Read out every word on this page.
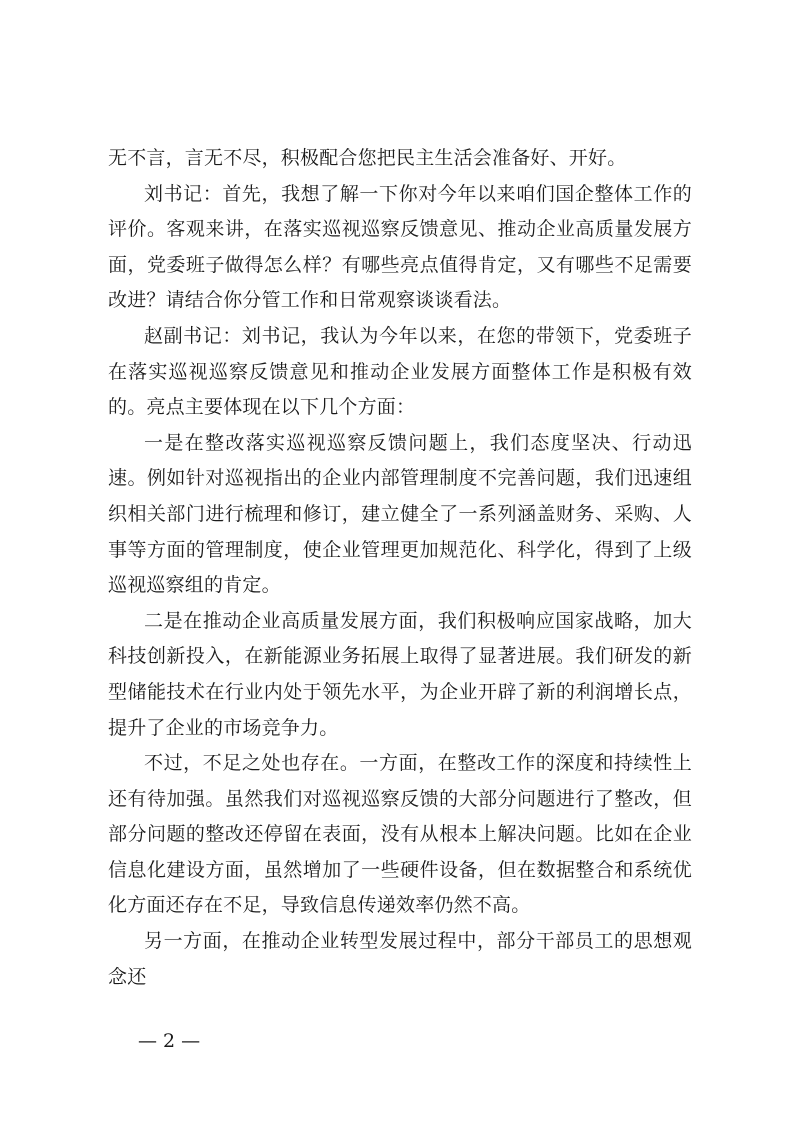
无不言，言无不尽，积极配合您把民主生活会准备好、开好。

刘书记：首先，我想了解一下你对今年以来咱们国企整体工作的评价。客观来讲，在落实巡视巡察反馈意见、推动企业高质量发展方面，党委班子做得怎么样？有哪些亮点值得肯定，又有哪些不足需要改进？请结合你分管工作和日常观察谈谈看法。

赵副书记：刘书记，我认为今年以来，在您的带领下，党委班子在落实巡视巡察反馈意见和推动企业发展方面整体工作是积极有效的。亮点主要体现在以下几个方面：

一是在整改落实巡视巡察反馈问题上，我们态度坚决、行动迅速。例如针对巡视指出的企业内部管理制度不完善问题，我们迅速组织相关部门进行梳理和修订，建立健全了一系列涵盖财务、采购、人事等方面的管理制度，使企业管理更加规范化、科学化，得到了上级巡视巡察组的肯定。

二是在推动企业高质量发展方面，我们积极响应国家战略，加大科技创新投入，在新能源业务拓展上取得了显著进展。我们研发的新型储能技术在行业内处于领先水平，为企业开辟了新的利润增长点，提升了企业的市场竞争力。

不过，不足之处也存在。一方面，在整改工作的深度和持续性上还有待加强。虽然我们对巡视巡察反馈的大部分问题进行了整改，但部分问题的整改还停留在表面，没有从根本上解决问题。比如在企业信息化建设方面，虽然增加了一些硬件设备，但在数据整合和系统优化方面还存在不足，导致信息传递效率仍然不高。

另一方面，在推动企业转型发展过程中，部分干部员工的思想观念还

— 2 —
